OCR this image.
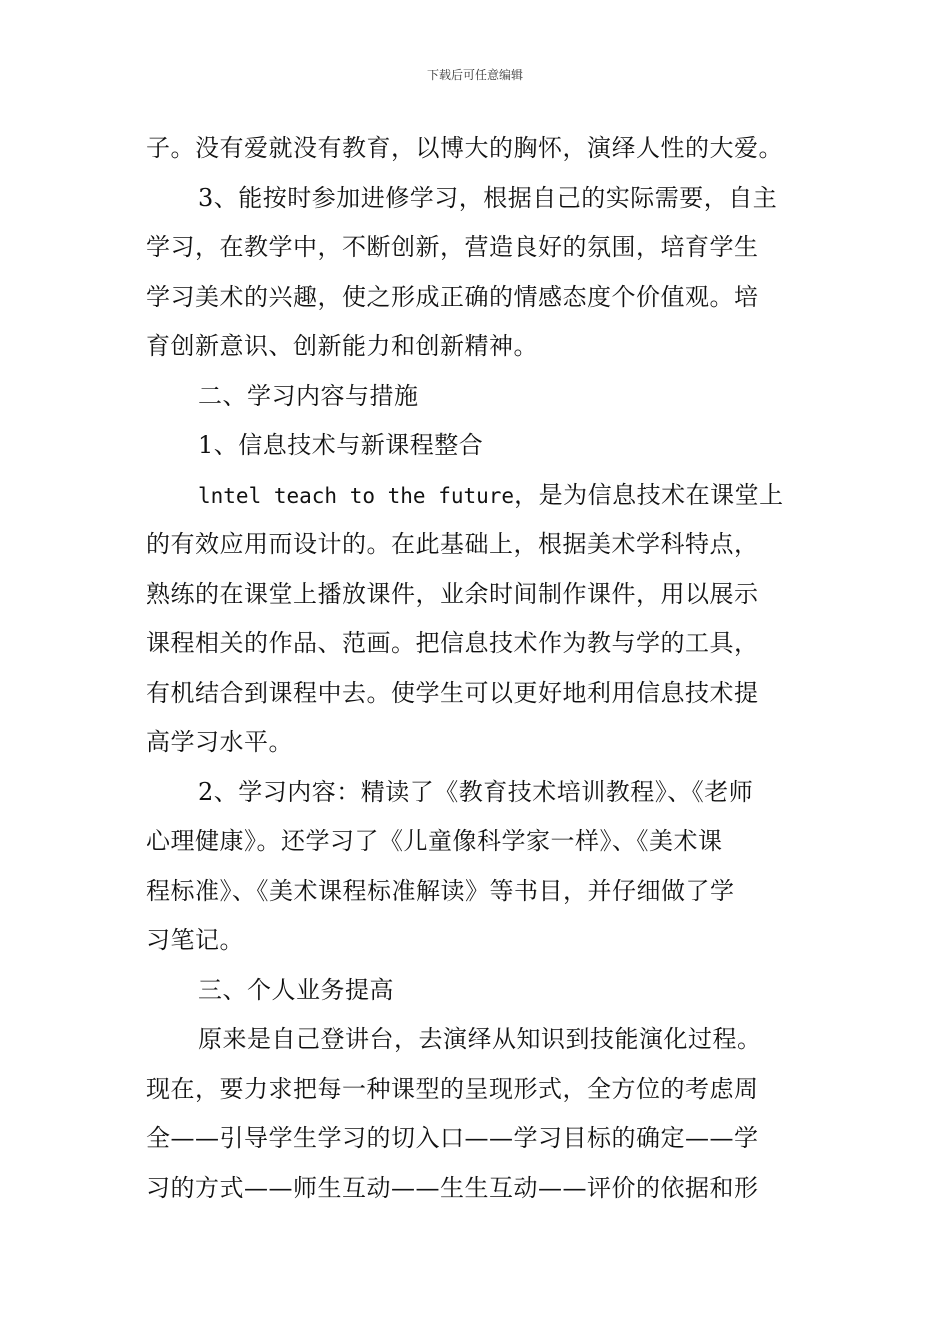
下载后可任意编辑
子。没有爱就没有教育，以博大的胸怀，演绎人性的大爱。
3、能按时参加进修学习，根据自己的实际需要，自主
学习，在教学中，不断创新，营造良好的氛围，培育学生
学习美术的兴趣，使之形成正确的情感态度个价值观。培
育创新意识、创新能力和创新精神。
二、学习内容与措施
1、信息技术与新课程整合
lntel teach to the future，是为信息技术在课堂上
的有效应用而设计的。在此基础上，根据美术学科特点，
熟练的在课堂上播放课件，业余时间制作课件，用以展示
课程相关的作品、范画。把信息技术作为教与学的工具，
有机结合到课程中去。使学生可以更好地利用信息技术提
高学习水平。
2、学习内容：精读了《教育技术培训教程》、《老师
心理健康》。还学习了《儿童像科学家一样》、《美术课
程标准》、《美术课程标准解读》等书目，并仔细做了学
习笔记。
三、个人业务提高
原来是自己登讲台，去演绎从知识到技能演化过程。
现在，要力求把每一种课型的呈现形式，全方位的考虑周
全——引导学生学习的切入口——学习目标的确定——学
习的方式——师生互动——生生互动——评价的依据和形
